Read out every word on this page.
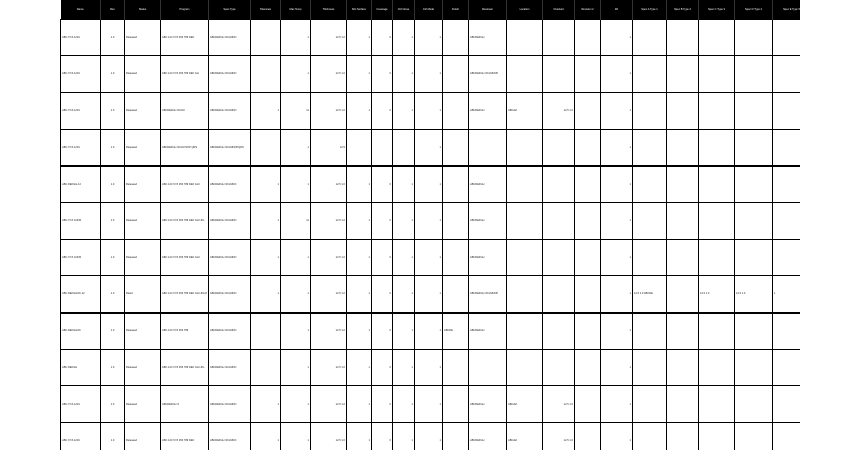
Name	Rev	Status	Program	Spec Type	Tolerance	Max Temp	Thickness	Min Surface	Coverage	Ctrl Gloss	Ctrl Mode	Finish	Reviewer	Location	Checked	Revision 2	Wt	Spec A Type 1	Spec B Type 2	Spec C Type 3	Spec D Type 4	Spec E Type 5
ABC XYZ-1234	1.0	Released	ABC 123 XYZ 456 789 DEF	ABCDEFGH IJKLMNO		1	12.5 1.0	1	0	1	1		ABCDEFGH				1					
ABC XYZ-1234	1.0	Released	ABC 123 XYZ 456 789 DEF GH	ABCDEFGH IJKLMNO		1	12.5 1.0	1	0	1	1		ABCDEFGH IJKLMNOP				1					
ABC XYZ-1234	1.0	Released	ABCDEFGH IJKLM	ABCDEFGH IJKLMNO	1	11	12.5 1.0	1	0	1	1		ABCDEFGH	ABCdef	12.5 1.0		1					
ABC XYZ-1234	1.0	Released	ABCDEFGH IJKLM NOP QRS	ABCDEFGH IJKLMNOPQRS		1	12.5				1						1					
ABC DEFGH-12	1.0	Released	ABC 123 XYZ 456 789 DEF GHI	ABCDEFGH IJKLMNO	1	1	12.5 1.0	1	0	1	1		ABCDEFGH				1					
ABC XYZ 12345	1.0	Released	ABC 123 XYZ 456 789 DEF GHI JKL	ABCDEFGH IJKLMNO	1	11	12.5 1.0	1	0	1	1		ABCDEFGH				1					
ABC XYZ 12345	1.0	Released	ABC 123 XYZ 456 789 DEF GHI	ABCDEFGH IJKLMNO	1	1	12.5 1.0	1	0	1	1		ABCDEFGH				1					
ABC DEFGHIJK-12	1.0	Relsd	ABC 123 XYZ 456 789 DEF GHI JKLM	ABCDEFGH IJKLMNO	1	1	12.5 1.0	1	0	1	1		ABCDEFGH IJKLMNOP				1	12.5 1.0 ABCDE		12.5 1.0	12.5 1.0	1
ABC DEFGHIJK	1.0	Released	ABC 123 XYZ 456 789	ABCDEFGH IJKLMNO		1	12.5 1.0	1	0	1	1	ABCDE	ABCDEFGH				1					
ABC DEFGH	1.0	Released	ABC 123 XYZ 456 789 DEF GHI JKL	ABCDEFGH IJKLMNO		1	12.5 1.0	1	0	1	1						1					
ABC XYZ-1234	1.0	Released	ABCDEFGH IJ	ABCDEFGH IJKLMNO	1	1	12.5 1.0	1	0	1	1		ABCDEFGH	ABCdef	12.5 1.0		1					
ABC XYZ-1234	1.0	Released	ABC 123 XYZ 456 789 DEF	ABCDEFGH IJKLMNO	1	1	12.5 1.0	1	0	1	1		ABCDEFGH	ABCdef	12.5 1.0		1					
